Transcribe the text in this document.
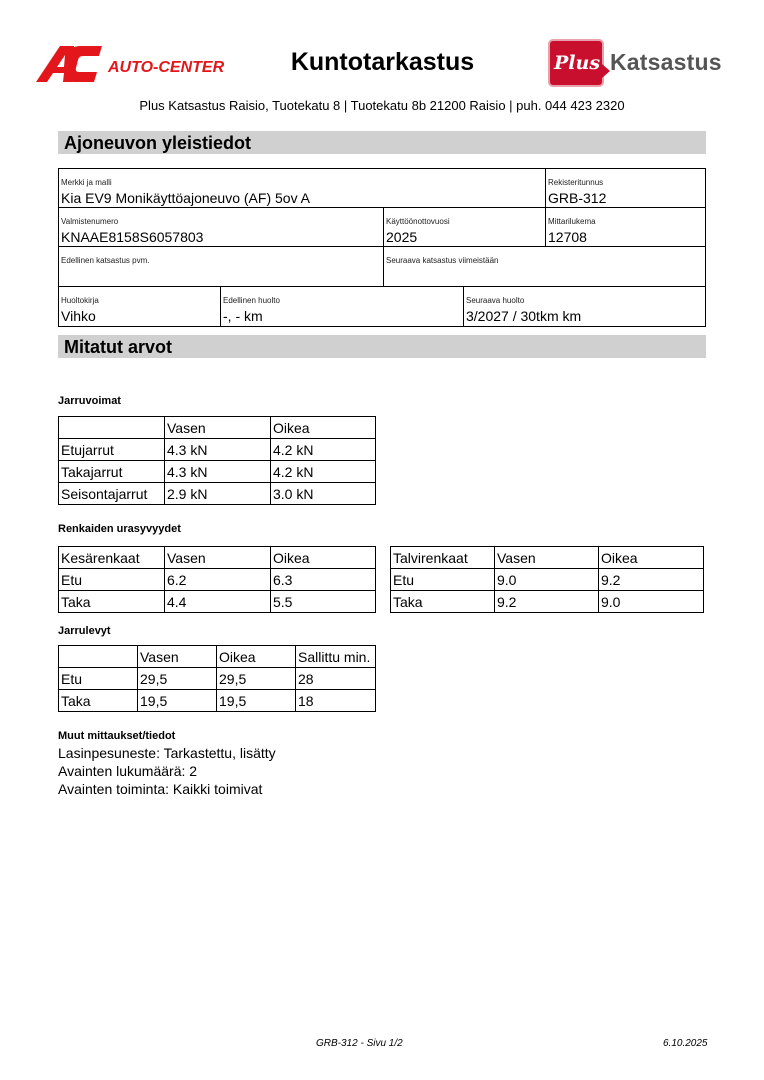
AUTO-CENTER	Kuntotarkastus	Plus Katsastus
Plus Katsastus Raisio, Tuotekatu 8 | Tuotekatu 8b 21200 Raisio | puh. 044 423 2320
Ajoneuvon yleistiedot
Merkki ja malli
Kia EV9 Monikäyttöajoneuvo (AF) 5ov A
Rekisteritunnus
GRB-312
Valmistenumero
KNAAE8158S6057803
Käyttöönottovuosi
2025
Mittarilukema
12708
Edellinen katsastus pvm.	Seuraava katsastus viimeistään
Huoltokirja
Vihko
Edellinen huolto
-, - km
Seuraava huolto
3/2027 / 30tkm km
Mitatut arvot
Jarruvoimat
	Vasen	Oikea
Etujarrut	4.3 kN	4.2 kN
Takajarrut	4.3 kN	4.2 kN
Seisontajarrut	2.9 kN	3.0 kN
Renkaiden urasyvyydet
Kesärenkaat	Vasen	Oikea
Etu	6.2	6.3
Taka	4.4	5.5
Talvirenkaat	Vasen	Oikea
Etu	9.0	9.2
Taka	9.2	9.0
Jarrulevyt
	Vasen	Oikea	Sallittu min.
Etu	29,5	29,5	28
Taka	19,5	19,5	18
Muut mittaukset/tiedot
Lasinpesuneste: Tarkastettu, lisätty
Avainten lukumäärä: 2
Avainten toiminta: Kaikki toimivat
GRB-312 - Sivu 1/2	6.10.2025
